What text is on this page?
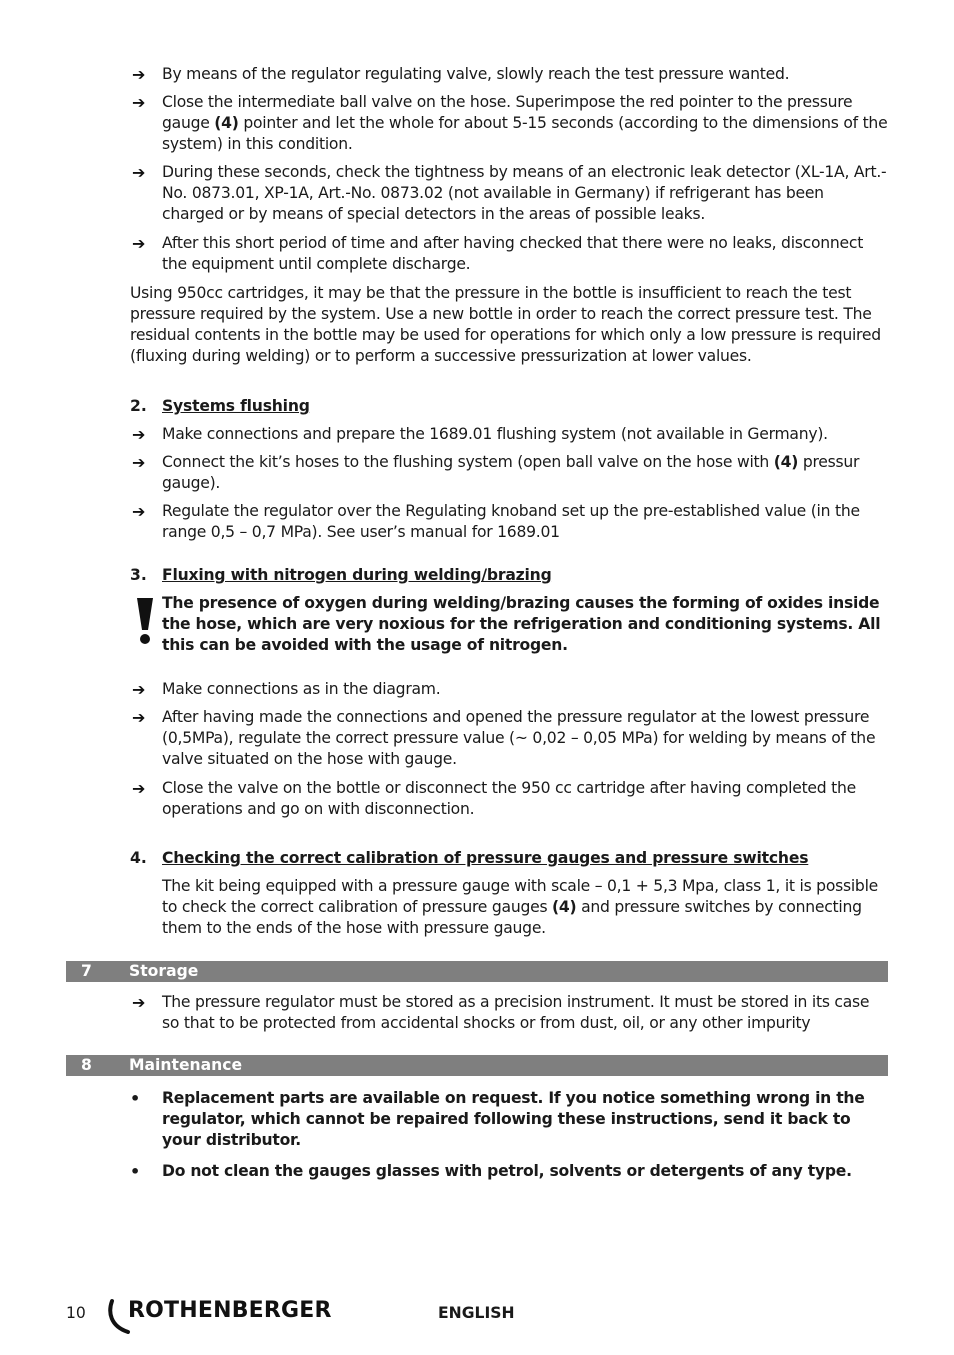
➔ By means of the regulator regulating valve, slowly reach the test pressure wanted.
➔ Close the intermediate ball valve on the hose. Superimpose the red pointer to the pressure gauge (4) pointer and let the whole for about 5-15 seconds (according to the dimensions of the system) in this condition.
➔ During these seconds, check the tightness by means of an electronic leak detector (XL-1A, Art.-No. 0873.01, XP-1A, Art.-No. 0873.02 (not available in Germany) if refrigerant has been charged or by means of special detectors in the areas of possible leaks.
➔ After this short period of time and after having checked that there were no leaks, disconnect the equipment until complete discharge.
Using 950cc cartridges, it may be that the pressure in the bottle is insufficient to reach the test pressure required by the system. Use a new bottle in order to reach the correct pressure test. The residual contents in the bottle may be used for operations for which only a low pressure is required (fluxing during welding) or to perform a successive pressurization at lower values.
2. Systems flushing
➔ Make connections and prepare the 1689.01 flushing system (not available in Germany).
➔ Connect the kit’s hoses to the flushing system (open ball valve on the hose with (4) pressur gauge).
➔ Regulate the regulator over the Regulating knoband set up the pre-established value (in the range 0,5 – 0,7 MPa). See user’s manual for 1689.01
3. Fluxing with nitrogen during welding/brazing
The presence of oxygen during welding/brazing causes the forming of oxides inside the hose, which are very noxious for the refrigeration and conditioning systems. All this can be avoided with the usage of nitrogen.
➔ Make connections as in the diagram.
➔ After having made the connections and opened the pressure regulator at the lowest pressure (0,5MPa), regulate the correct pressure value (~ 0,02 – 0,05 MPa) for welding by means of the valve situated on the hose with gauge.
➔ Close the valve on the bottle or disconnect the 950 cc cartridge after having completed the operations and go on with disconnection.
4. Checking the correct calibration of pressure gauges and pressure switches
The kit being equipped with a pressure gauge with scale – 0,1 + 5,3 Mpa, class 1, it is possible to check the correct calibration of pressure gauges (4) and pressure switches by connecting them to the ends of the hose with pressure gauge.
7 Storage
➔ The pressure regulator must be stored as a precision instrument. It must be stored in its case so that to be protected from accidental shocks or from dust, oil, or any other impurity
8 Maintenance
• Replacement parts are available on request. If you notice something wrong in the regulator, which cannot be repaired following these instructions, send it back to your distributor.
• Do not clean the gauges glasses with petrol, solvents or detergents of any type.
10 ROTHENBERGER	ENGLISH
